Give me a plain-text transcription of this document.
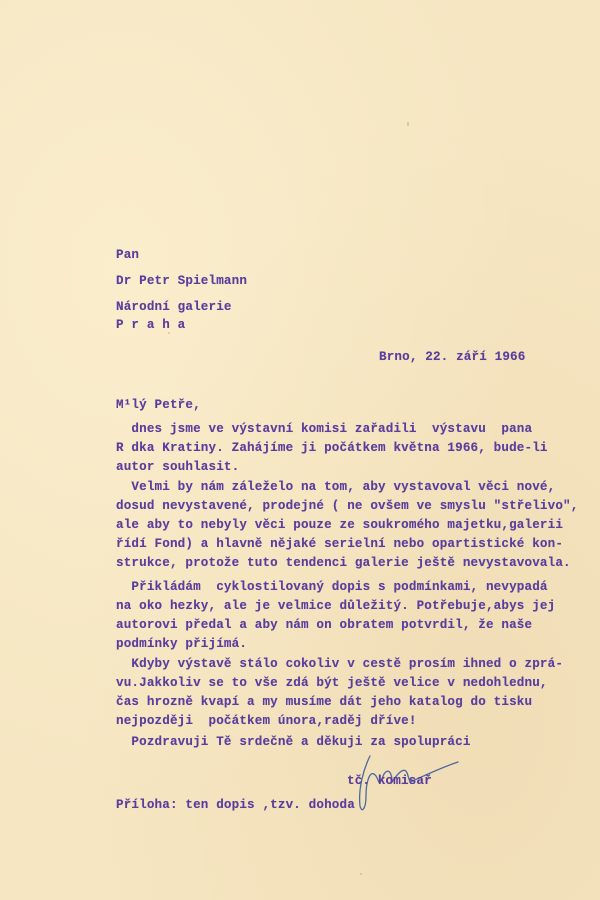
Pan
Dr Petr Spielmann
Národní galerie
P r a h a
Brno, 22. září 1966
M¹lý Petře,
dnes jsme ve výstavní komisi zařadili  výstavu  pana
R dka Kratiny. Zahájíme ji počátkem května 1966, bude-li
autor souhlasit.
Velmi by nám záleželo na tom, aby vystavoval věci nové,
dosud nevystavené, prodejné ( ne ovšem ve smyslu "střelivo",
ale aby to nebyly věci pouze ze soukromého majetku,galerii
řídí Fond) a hlavně nějaké serielní nebo opartistické kon-
strukce, protože tuto tendenci galerie ještě nevystavovala.
Přikládám  cyklostilovaný dopis s podmínkami, nevypadá
na oko hezky, ale je velmice důležitý. Potřebuje,abys jej
autorovi předal a aby nám on obratem potvrdil, že naše
podmínky přijímá.
Kdyby výstavě stálo cokoliv v cestě prosím ihned o zprá-
vu.Jakkoliv se to vše zdá být ještě velice v nedohlednu,
čas hrozně kvapí a my musíme dát jeho katalog do tisku
nejpozději  počátkem února,raděj dříve!
Pozdravuji Tě srdečně a děkuji za spolupráci
tč. komisař
Příloha: ten dopis ,tzv. dohoda
